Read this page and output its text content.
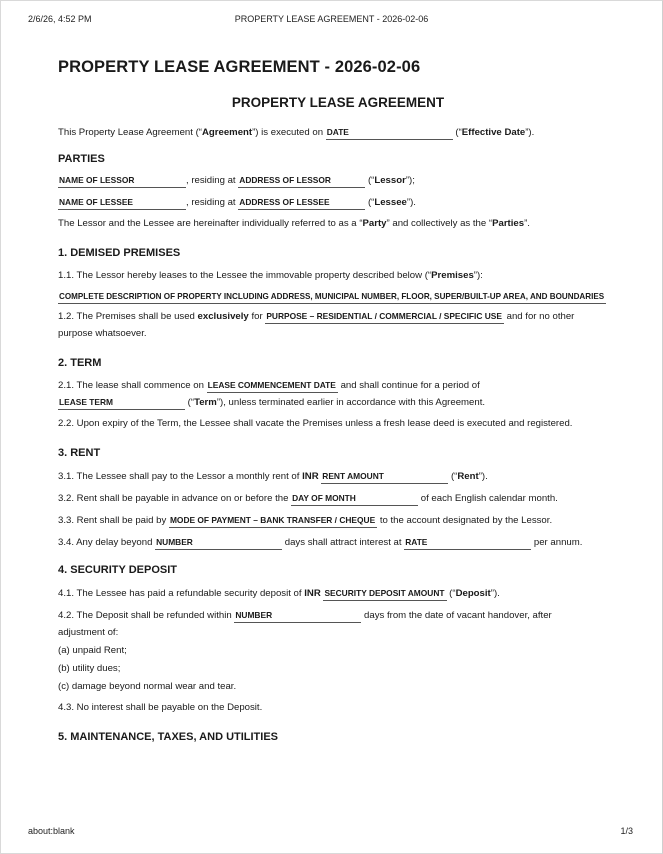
2/6/26, 4:52 PM	PROPERTY LEASE AGREEMENT - 2026-02-06
PROPERTY LEASE AGREEMENT - 2026-02-06
PROPERTY LEASE AGREEMENT
This Property Lease Agreement (“Agreement”) is executed on DATE	(“Effective Date”).
PARTIES
NAME OF LESSOR	, residing at ADDRESS OF LESSOR	(“Lessor”);
NAME OF LESSEE	, residing at ADDRESS OF LESSEE	(“Lessee”).
The Lessor and the Lessee are hereinafter individually referred to as a “Party” and collectively as the “Parties”.
1. DEMISED PREMISES
1.1. The Lessor hereby leases to the Lessee the immovable property described below (“Premises”):
COMPLETE DESCRIPTION OF PROPERTY INCLUDING ADDRESS, MUNICIPAL NUMBER, FLOOR, SUPER/BUILT-UP AREA, AND BOUNDARIES
1.2. The Premises shall be used exclusively for PURPOSE – RESIDENTIAL / COMMERCIAL / SPECIFIC USE and for no other
purpose whatsoever.
2. TERM
2.1. The lease shall commence on LEASE COMMENCEMENT DATE and shall continue for a period of
LEASE TERM	(“Term”), unless terminated earlier in accordance with this Agreement.
2.2. Upon expiry of the Term, the Lessee shall vacate the Premises unless a fresh lease deed is executed and registered.
3. RENT
3.1. The Lessee shall pay to the Lessor a monthly rent of INR RENT AMOUNT	(“Rent”).
3.2. Rent shall be payable in advance on or before the DAY OF MONTH	of each English calendar month.
3.3. Rent shall be paid by MODE OF PAYMENT – BANK TRANSFER / CHEQUE to the account designated by the Lessor.
3.4. Any delay beyond NUMBER	days shall attract interest at RATE	per annum.
4. SECURITY DEPOSIT
4.1. The Lessee has paid a refundable security deposit of INR SECURITY DEPOSIT AMOUNT (“Deposit”).
4.2. The Deposit shall be refunded within NUMBER	days from the date of vacant handover, after
adjustment of:
(a) unpaid Rent;
(b) utility dues;
(c) damage beyond normal wear and tear.
4.3. No interest shall be payable on the Deposit.
5. MAINTENANCE, TAXES, AND UTILITIES
about:blank	1/3
